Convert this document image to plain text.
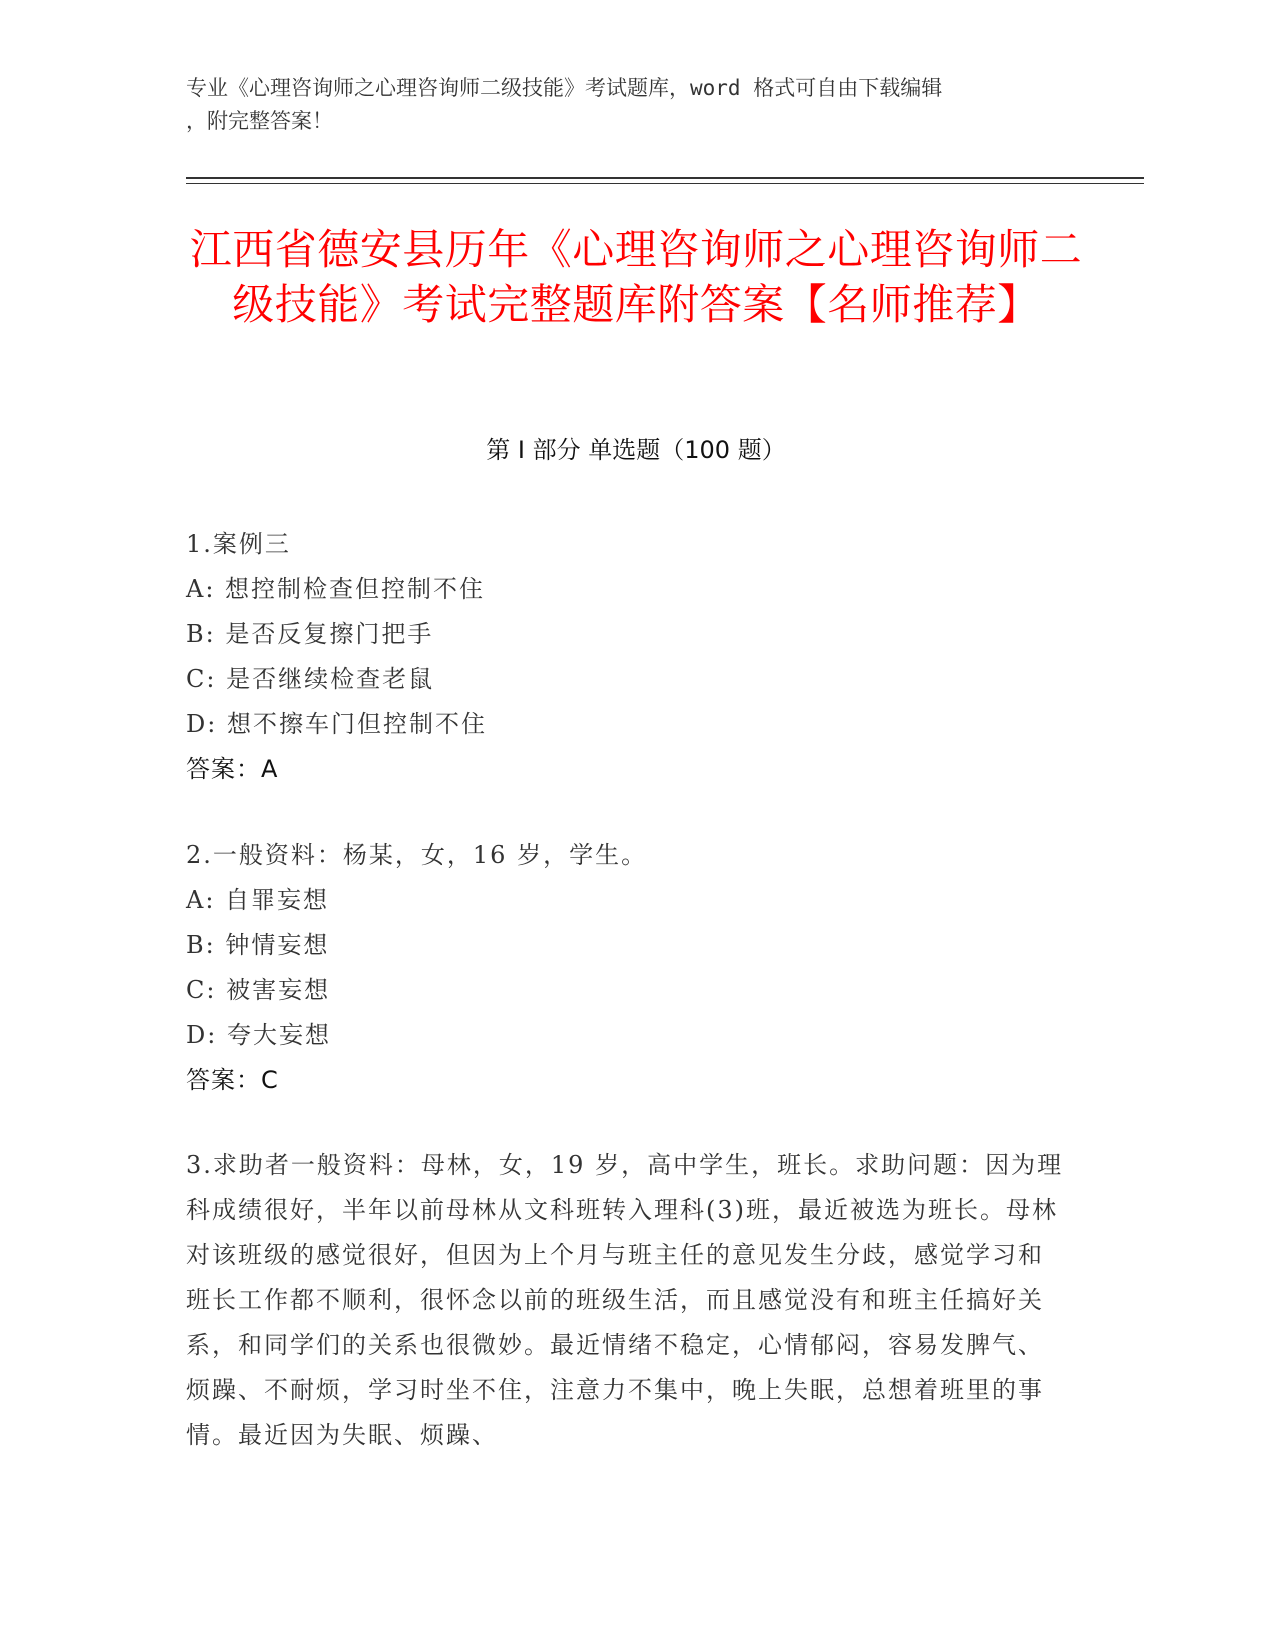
专业《心理咨询师之心理咨询师二级技能》考试题库，word 格式可自由下载编辑
，附完整答案！
江西省德安县历年《心理咨询师之心理咨询师二级技能》考试完整题库附答案【名师推荐】
第 I 部分 单选题（100 题）
1.案例三
A: 想控制检查但控制不住
B: 是否反复擦门把手
C: 是否继续检查老鼠
D: 想不擦车门但控制不住
答案：A
2.一般资料：杨某，女，16 岁，学生。
A: 自罪妄想
B: 钟情妄想
C: 被害妄想
D: 夸大妄想
答案：C
3.求助者一般资料：母林，女，19 岁，高中学生，班长。求助问题：因为理科成绩很好，半年以前母林从文科班转入理科(3)班，最近被选为班长。母林对该班级的感觉很好，但因为上个月与班主任的意见发生分歧，感觉学习和班长工作都不顺利，很怀念以前的班级生活，而且感觉没有和班主任搞好关系，和同学们的关系也很微妙。最近情绪不稳定，心情郁闷，容易发脾气、烦躁、不耐烦，学习时坐不住，注意力不集中，晚上失眠，总想着班里的事情。最近因为失眠、烦躁、
